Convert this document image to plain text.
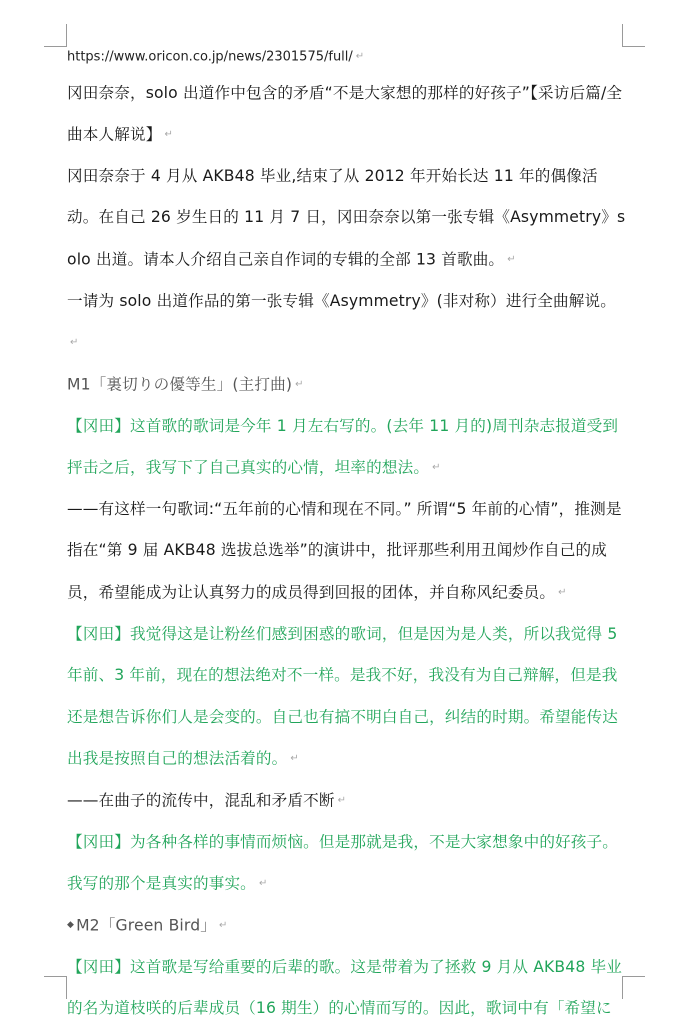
https://www.oricon.co.jp/news/2301575/full/↵

冈田奈奈，solo 出道作中包含的矛盾“不是大家想的那样的好孩子”【采访后篇/全曲本人解说】↵

冈田奈奈于 4 月从 AKB48 毕业,结束了从 2012 年开始长达 11 年的偶像活动。在自己 26 岁生日的 11 月 7 日，冈田奈奈以第一张专辑《Asymmetry》solo 出道。请本人介绍自己亲自作词的专辑的全部 13 首歌曲。↵

一请为 solo 出道作品的第一张专辑《Asymmetry》(非对称）进行全曲解说。↵

M1「裏切りの優等生」(主打曲)↵

【冈田】这首歌的歌词是今年 1 月左右写的。(去年 11 月的)周刊杂志报道受到抨击之后，我写下了自己真实的心情，坦率的想法。↵

——有这样一句歌词:“五年前的心情和现在不同。” 所谓“5 年前的心情”，推测是指在“第 9 届 AKB48 选拔总选举”的演讲中，批评那些利用丑闻炒作自己的成员，希望能成为让认真努力的成员得到回报的团体，并自称风纪委员。↵

【冈田】我觉得这是让粉丝们感到困惑的歌词，但是因为是人类，所以我觉得 5 年前、3 年前，现在的想法绝对不一样。是我不好，我没有为自己辩解，但是我还是想告诉你们人是会变的。自己也有搞不明白自己，纠结的时期。希望能传达出我是按照自己的想法活着的。↵

——在曲子的流传中，混乱和矛盾不断↵

【冈田】为各种各样的事情而烦恼。但是那就是我，不是大家想象中的好孩子。我写的那个是真实的事实。↵

◆ M2「Green Bird」↵

【冈田】这首歌是写给重要的后辈的歌。这是带着为了拯救 9 月从 AKB48 毕业的名为道枝咲的后辈成员（16 期生）的心情而写的。因此，歌词中有「希望に
